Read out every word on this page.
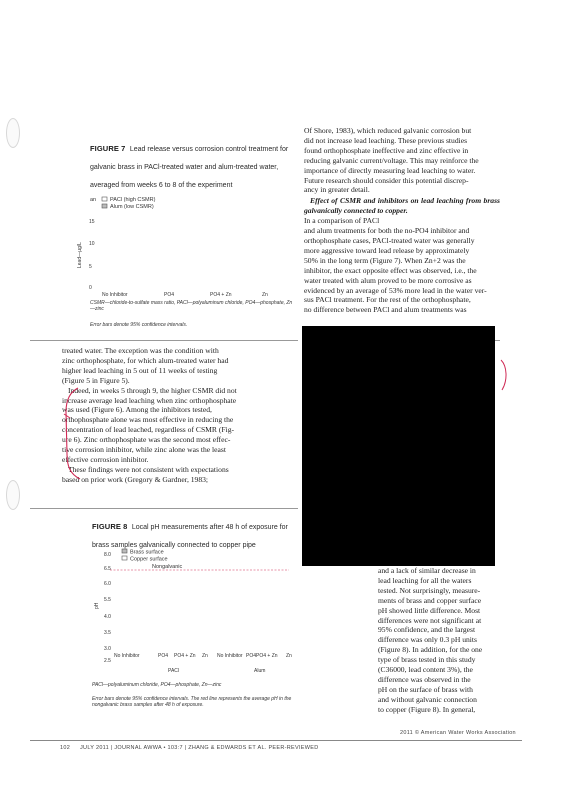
FIGURE 7 Lead release versus corrosion control treatment for galvanic brass in PACl-treated water and alum-treated water, averaged from weeks 6 to 8 of the experiment
an	PACl (high CSMR)
Alum (low CSMR)
15
10
5
0
Lead—µg/L
No Inhibitor	PO4	PO4 + Zn	Zn
CSMR—chloride-to-sulfate mass ratio, PACl—polyaluminum chloride, PO4—phosphate, Zn—zinc
Error bars denote 95% confidence intervals.

treated water. The exception was the condition with

zinc orthophosphate, for which alum-treated water had

higher lead leaching in 5 out of 11 weeks of testing

(Figure 5 in Figure 5).

Indeed, in weeks 5 through 9, the higher CSMR did not

increase average lead leaching when zinc orthophosphate

was used (Figure 6). Among the inhibitors tested,

orthophosphate alone was most effective in reducing the

concentration of lead leached, regardless of CSMR (Fig-

ure 6). Zinc orthophosphate was the second most effec-

tive corrosion inhibitor, while zinc alone was the least

effective corrosion inhibitor.

These findings were not consistent with expectations

based on prior work (Gregory & Gardner, 1983;

Of Shore, 1983), which reduced galvanic corrosion but

did not increase lead leaching. These previous studies

found orthophosphate ineffective and zinc effective in

reducing galvanic current/voltage. This may reinforce the

importance of directly measuring lead leaching to water.

Future research should consider this potential discrep-

ancy in greater detail.

Effect of CSMR and inhibitors on lead leaching from brass galvanically connected to copper.

In a comparison of PACl

and alum treatments for both the no-PO4 inhibitor and

orthophosphate cases, PACl-treated water was generally

more aggressive toward lead release by approximately

50% in the long term (Figure 7). When Zn+2 was the

inhibitor, the exact opposite effect was observed, i.e., the

water treated with alum proved to be more corrosive as

evidenced by an average of 53% more lead in the water ver-

sus PACl treatment. For the rest of the orthophosphate,

no difference between PACl and alum treatments was

and a lack of similar decrease in

lead leaching for all the waters

tested. Not surprisingly, measure-

ments of brass and copper surface

pH showed little difference. Most

differences were not significant at

95% confidence, and the largest

difference was only 0.3 pH units

(Figure 8). In addition, for the one

type of brass tested in this study

(C36000, lead content 3%), the

difference was observed in the

pH on the surface of brass with

and without galvanic connection

to copper (Figure 8). In general,

FIGURE 8 Local pH measurements after 48 h of exposure for brass samples galvanically connected to copper pipe
Brass surface
Copper surface
Nongalvanic
8.0
6.5
6.0
5.5
4.0
3.5
3.0
2.5
pH
No Inhibitor	PO4 PO4 + Zn Zn No Inhibitor PO4 PO4 + Zn Zn
PACl	Alum
PACl—polyaluminum chloride, PO4—phosphate, Zn—zinc
Error bars denote 95% confidence intervals. The red line represents the average pH in the nongalvanic brass samples after 48 h of exposure.
2011 © American Water Works Association
102 JULY 2011 | JOURNAL AWWA • 103:7 | ZHANG & EDWARDS ET AL. PEER-REVIEWED
